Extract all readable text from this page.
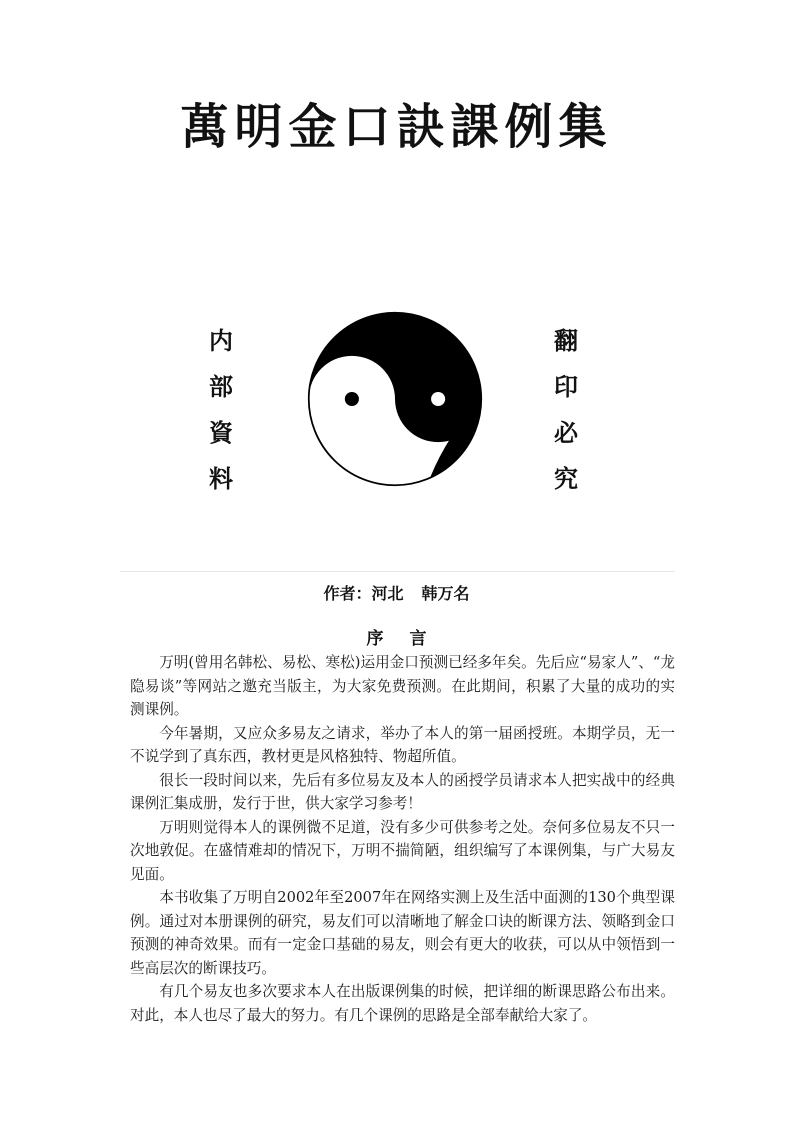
萬明金口訣課例集
内
部
資
料
翻
印
必
究
作者：河北 韩万名
序言

万明(曾用名韩松、易松、寒松)运用金口预测已经多年矣。先后应“易家人”、“龙隐易谈”等网站之邀充当版主，为大家免费预测。在此期间，积累了大量的成功的实测课例。

今年暑期，又应众多易友之请求，举办了本人的第一届函授班。本期学员，无一不说学到了真东西，教材更是风格独特、物超所值。

很长一段时间以来，先后有多位易友及本人的函授学员请求本人把实战中的经典课例汇集成册，发行于世，供大家学习参考！

万明则觉得本人的课例微不足道，没有多少可供参考之处。奈何多位易友不只一次地敦促。在盛情难却的情况下，万明不揣简陋，组织编写了本课例集，与广大易友见面。

本书收集了万明自2002年至2007年在网络实测上及生活中面测的130个典型课例。通过对本册课例的研究，易友们可以清晰地了解金口诀的断课方法、领略到金口预测的神奇效果。而有一定金口基础的易友，则会有更大的收获，可以从中领悟到一些高层次的断课技巧。

有几个易友也多次要求本人在出版课例集的时候，把详细的断课思路公布出来。对此，本人也尽了最大的努力。有几个课例的思路是全部奉献给大家了。
